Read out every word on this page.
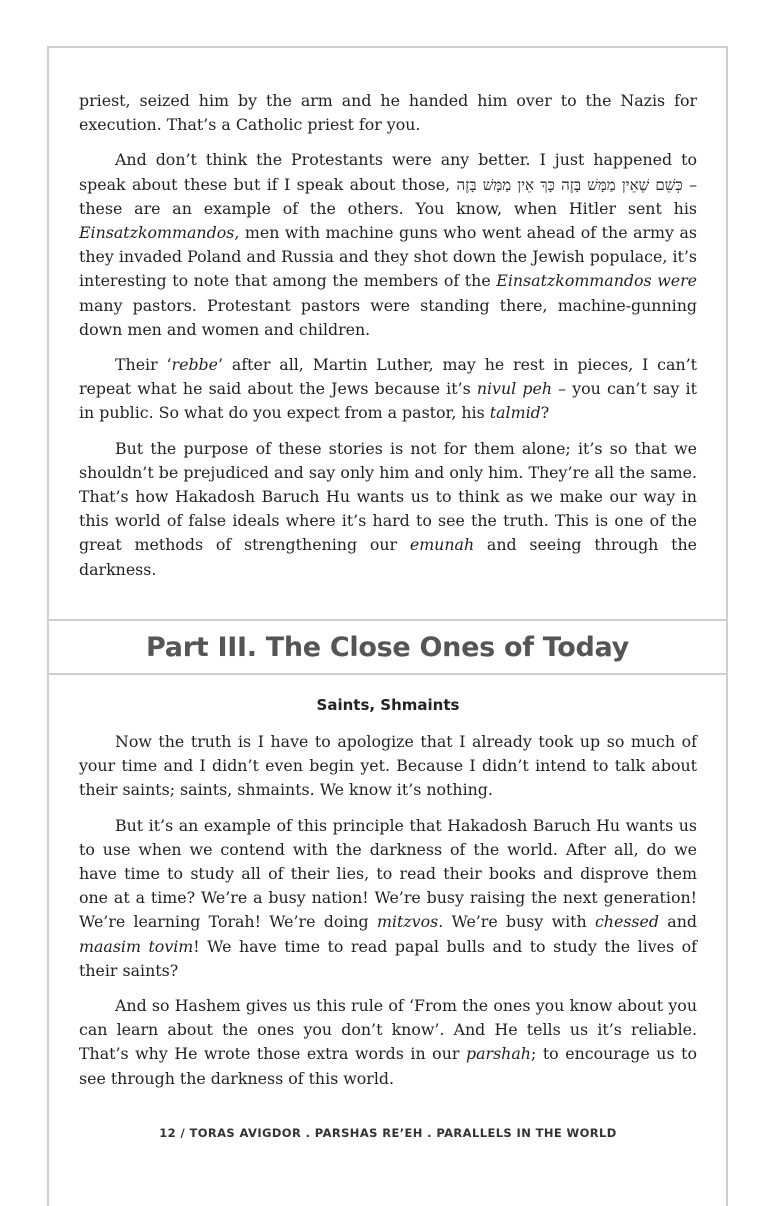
priest, seized him by the arm and he handed him over to the Nazis for execution. That’s a Catholic priest for you.

And don’t think the Protestants were any better. I just happened to speak about these but if I speak about those, כְּשֵׁם שֶׁאֵין מַמָּשׁ בָּזֶה כָּךְ אֵין מַמָּשׁ בָּזֶה – these are an example of the others. You know, when Hitler sent his Einsatzkommandos, men with machine guns who went ahead of the army as they invaded Poland and Russia and they shot down the Jewish populace, it’s interesting to note that among the members of the Einsatzkommandos were many pastors. Protestant pastors were standing there, machine-gunning down men and women and children.

Their ‘rebbe’ after all, Martin Luther, may he rest in pieces, I can’t repeat what he said about the Jews because it’s nivul peh – you can’t say it in public. So what do you expect from a pastor, his talmid?

But the purpose of these stories is not for them alone; it’s so that we shouldn’t be prejudiced and say only him and only him. They’re all the same. That’s how Hakadosh Baruch Hu wants us to think as we make our way in this world of false ideals where it’s hard to see the truth. This is one of the great methods of strengthening our emunah and seeing through the darkness.

Part III. The Close Ones of Today
Saints, Shmaints

Now the truth is I have to apologize that I already took up so much of your time and I didn’t even begin yet. Because I didn’t intend to talk about their saints; saints, shmaints. We know it’s nothing.

But it’s an example of this principle that Hakadosh Baruch Hu wants us to use when we contend with the darkness of the world. After all, do we have time to study all of their lies, to read their books and disprove them one at a time? We’re a busy nation! We’re busy raising the next generation! We’re learning Torah! We’re doing mitzvos. We’re busy with chessed and maasim tovim! We have time to read papal bulls and to study the lives of their saints?

And so Hashem gives us this rule of ‘From the ones you know about you can learn about the ones you don’t know’. And He tells us it’s reliable. That’s why He wrote those extra words in our parshah; to encourage us to see through the darkness of this world.

12 / TORAS AVIGDOR . PARSHAS RE’EH . PARALLELS IN THE WORLD
